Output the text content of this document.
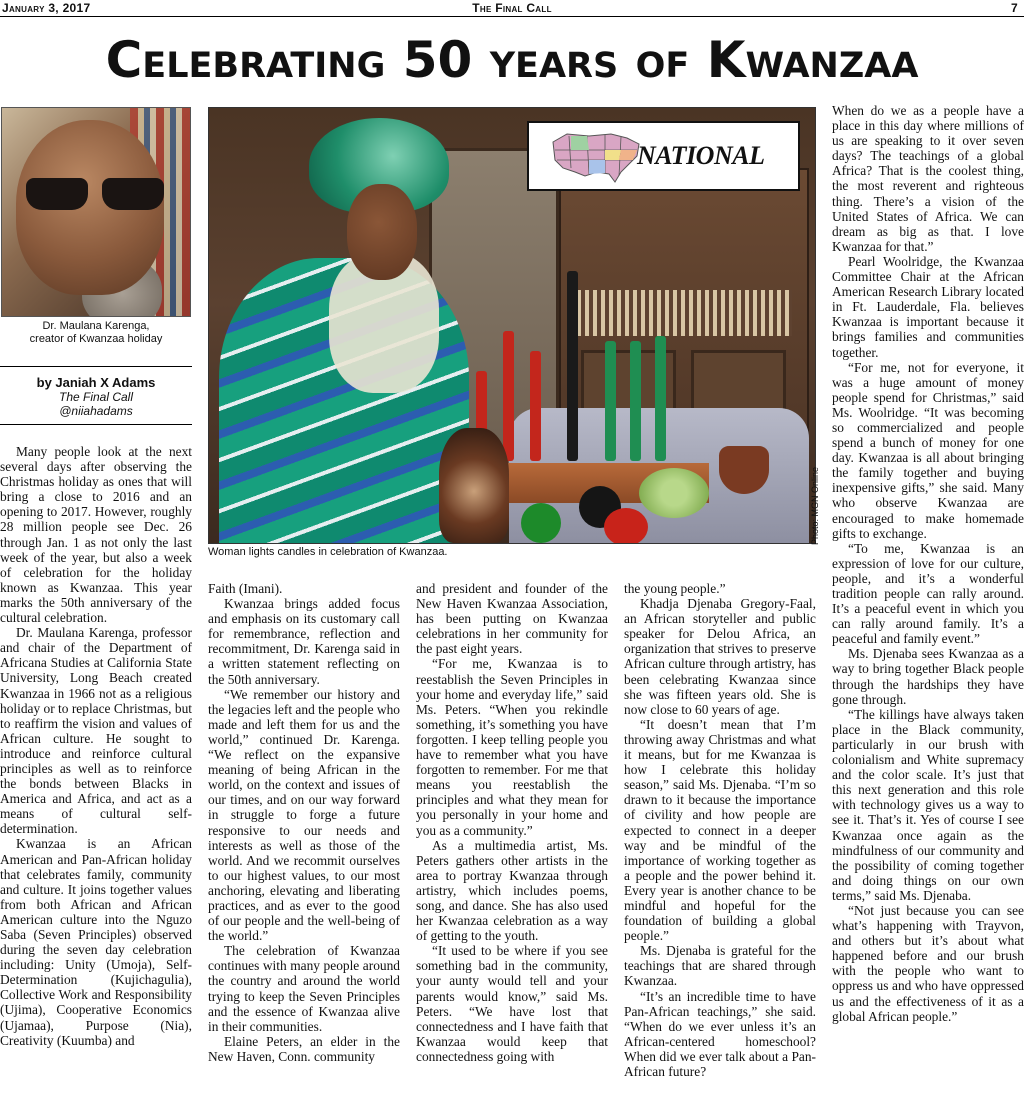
January 3, 2017	The Final Call	7
Celebrating 50 years of Kwanzaa
Dr. Maulana Karenga,
creator of Kwanzaa holiday
by Janiah X Adams
The Final Call
@niiahadams
NATIONAL
Woman lights candles in celebration of Kwanzaa.
Photo: MGN Online

Many people look at the next several days after observing the Christmas holiday as ones that will bring a close to 2016 and an opening to 2017. However, roughly 28 million people see Dec. 26 through Jan. 1 as not only the last week of the year, but also a week of celebration for the holiday known as Kwanzaa. This year marks the 50th anniversary of the cultural celebration.

Dr. Maulana Karenga, professor and chair of the Department of Africana Studies at California State University, Long Beach created Kwanzaa in 1966 not as a religious holiday or to replace Christmas, but to reaffirm the vision and values of African culture. He sought to introduce and reinforce cultural principles as well as to reinforce the bonds between Blacks in America and Africa, and act as a means of cultural self-determination.

Kwanzaa is an African American and Pan-African holiday that celebrates family, community and culture. It joins together values from both African and African American culture into the Nguzo Saba (Seven Principles) observed during the seven day celebration including: Unity (Umoja), Self-Determination (Kujichagulia), Collective Work and Responsibility (Ujima), Cooperative Economics (Ujamaa), Purpose (Nia), Creativity (Kuumba) and

Faith (Imani).

Kwanzaa brings added focus and emphasis on its customary call for remembrance, reflection and recommitment, Dr. Karenga said in a written statement reflecting on the 50th anniversary.

“We remember our history and the legacies left and the people who made and left them for us and the world,” continued Dr. Karenga. “We reflect on the expansive meaning of being African in the world, on the context and issues of our times, and on our way forward in struggle to forge a future responsive to our needs and interests as well as those of the world. And we recommit ourselves to our highest values, to our most anchoring, elevating and liberating practices, and as ever to the good of our people and the well-being of the world.”

The celebration of Kwanzaa continues with many people around the country and around the world trying to keep the Seven Principles and the essence of Kwanzaa alive in their communities.

Elaine Peters, an elder in the New Haven, Conn. community

and president and founder of the New Haven Kwanzaa Association, has been putting on Kwanzaa celebrations in her community for the past eight years.

“For me, Kwanzaa is to reestablish the Seven Principles in your home and everyday life,” said Ms. Peters. “When you rekindle something, it’s something you have forgotten. I keep telling people you have to remember what you have forgotten to remember. For me that means you reestablish the principles and what they mean for you personally in your home and you as a community.”

As a multimedia artist, Ms. Peters gathers other artists in the area to portray Kwanzaa through artistry, which includes poems, song, and dance. She has also used her Kwanzaa celebration as a way of getting to the youth.

“It used to be where if you see something bad in the community, your aunty would tell and your parents would know,” said Ms. Peters. “We have lost that connectedness and I have faith that Kwanzaa would keep that connectedness going with

the young people.”

Khadja Djenaba Gregory-Faal, an African storyteller and public speaker for Delou Africa, an organization that strives to preserve African culture through artistry, has been celebrating Kwanzaa since she was fifteen years old. She is now close to 60 years of age.

“It doesn’t mean that I’m throwing away Christmas and what it means, but for me Kwanzaa is how I celebrate this holiday season,” said Ms. Djenaba. “I’m so drawn to it because the importance of civility and how people are expected to connect in a deeper way and be mindful of the importance of working together as a people and the power behind it. Every year is another chance to be mindful and hopeful for the foundation of building a global people.”

Ms. Djenaba is grateful for the teachings that are shared through Kwanzaa.

“It’s an incredible time to have Pan-African teachings,” she said. “When do we ever unless it’s an African-centered homeschool? When did we ever talk about a Pan-African future?

When do we as a people have a place in this day where millions of us are speaking to it over seven days? The teachings of a global Africa? That is the coolest thing, the most reverent and righteous thing. There’s a vision of the United States of Africa. We can dream as big as that. I love Kwanzaa for that.”

Pearl Woolridge, the Kwanzaa Committee Chair at the African American Research Library located in Ft. Lauderdale, Fla. believes Kwanzaa is important because it brings families and communities together.

“For me, not for everyone, it was a huge amount of money people spend for Christmas,” said Ms. Woolridge. “It was becoming so commercialized and people spend a bunch of money for one day. Kwanzaa is all about bringing the family together and buying inexpensive gifts,” she said. Many who observe Kwanzaa are encouraged to make homemade gifts to exchange.

“To me, Kwanzaa is an expression of love for our culture, people, and it’s a wonderful tradition people can rally around. It’s a peaceful event in which you can rally around family. It’s a peaceful and family event.”

Ms. Djenaba sees Kwanzaa as a way to bring together Black people through the hardships they have gone through.

“The killings have always taken place in the Black community, particularly in our brush with colonialism and White supremacy and the color scale. It’s just that this next generation and this role with technology gives us a way to see it. That’s it. Yes of course I see Kwanzaa once again as the mindfulness of our community and the possibility of coming together and doing things on our own terms,” said Ms. Djenaba.

“Not just because you can see what’s happening with Trayvon, and others but it’s about what happened before and our brush with the people who want to oppress us and who have oppressed us and the effectiveness of it as a global African people.”
